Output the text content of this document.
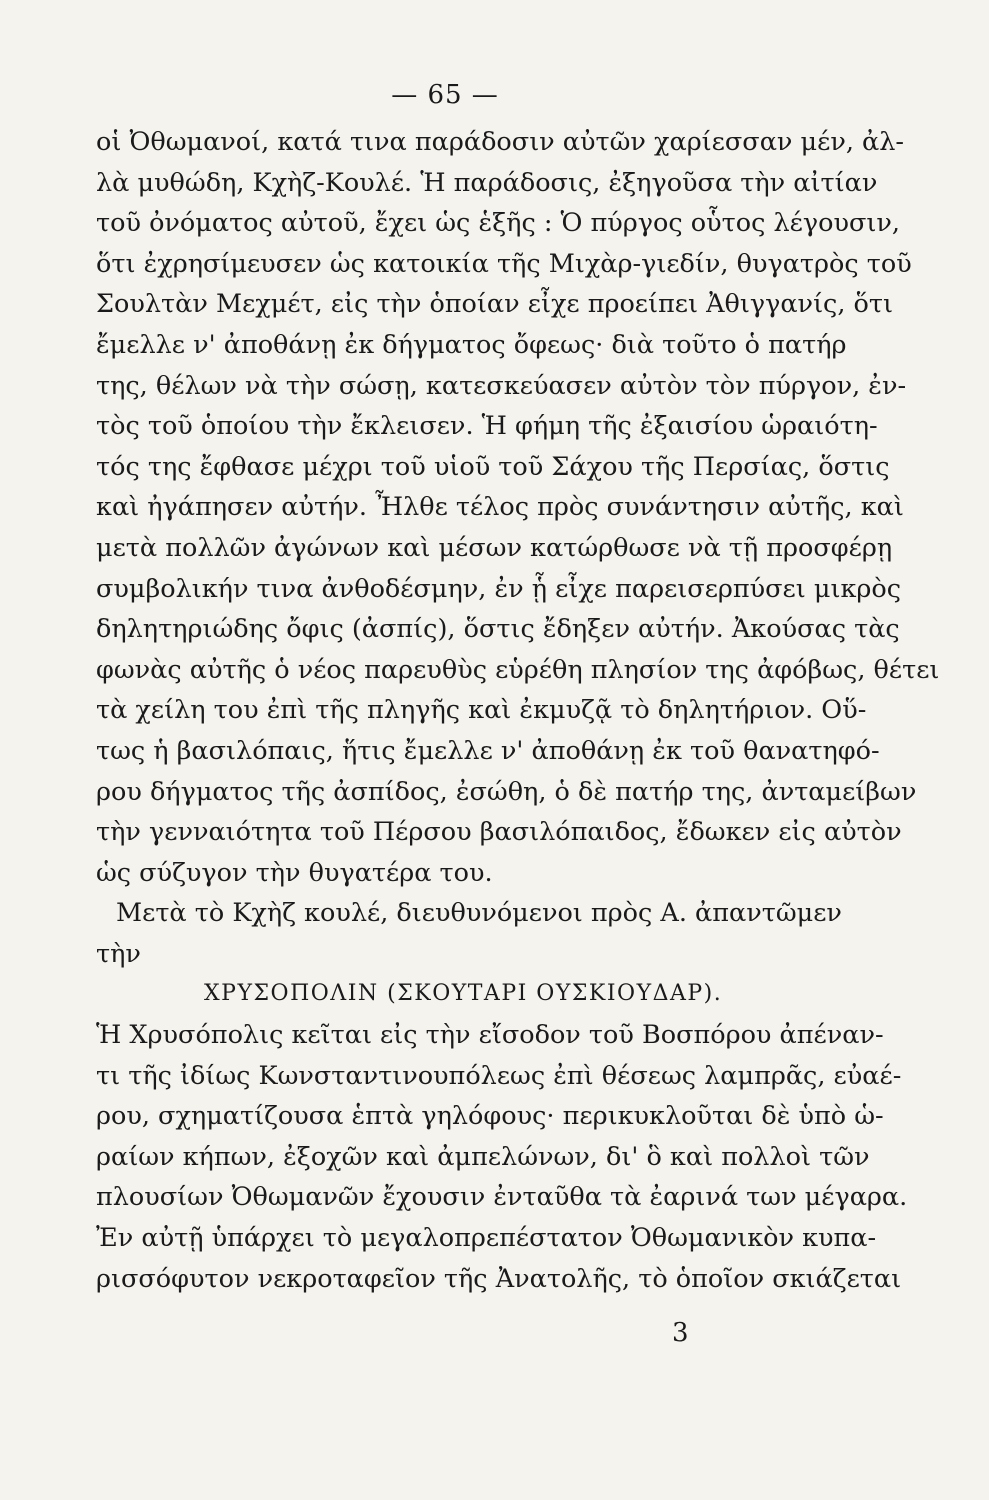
— 65 —
οἱ Ὀθωμανοί, κατά τινα παράδοσιν αὐτῶν χαρίεσσαν μέν, ἀλ-
λὰ μυθώδη, Κχὴζ-Κουλέ. Ἡ παράδοσις, ἐξηγοῦσα τὴν αἰτίαν
τοῦ ὀνόματος αὐτοῦ, ἔχει ὡς ἑξῆς : Ὁ πύργος οὗτος λέγουσιν,
ὅτι ἐχρησίμευσεν ὡς κατοικία τῆς Μιχὰρ-γιεδίν, θυγατρὸς τοῦ
Σουλτὰν Μεχμέτ, εἰς τὴν ὁποίαν εἶχε προείπει Ἀθιγγανίς, ὅτι
ἔμελλε ν' ἀποθάνῃ ἐκ δήγματος ὄφεως· διὰ τοῦτο ὁ πατήρ
της, θέλων νὰ τὴν σώσῃ, κατεσκεύασεν αὐτὸν τὸν πύργον, ἐν-
τὸς τοῦ ὁποίου τὴν ἔκλεισεν. Ἡ φήμη τῆς ἐξαισίου ὡραιότη-
τός της ἔφθασε μέχρι τοῦ υἱοῦ τοῦ Σάχου τῆς Περσίας, ὅστις
καὶ ἠγάπησεν αὐτήν. Ἦλθε τέλος πρὸς συνάντησιν αὐτῆς, καὶ
μετὰ πολλῶν ἀγώνων καὶ μέσων κατώρθωσε νὰ τῇ προσφέρῃ
συμβολικήν τινα ἀνθοδέσμην, ἐν ᾗ εἶχε παρεισερπύσει μικρὸς
δηλητηριώδης ὄφις (ἀσπίς), ὅστις ἔδηξεν αὐτήν. Ἀκούσας τὰς
φωνὰς αὐτῆς ὁ νέος παρευθὺς εὑρέθη πλησίον της ἀφόβως, θέτει
τὰ χείλη του ἐπὶ τῆς πληγῆς καὶ ἐκμυζᾷ τὸ δηλητήριον. Οὕ-
τως ἡ βασιλόπαις, ἥτις ἔμελλε ν' ἀποθάνῃ ἐκ τοῦ θανατηφό-
ρου δήγματος τῆς ἀσπίδος, ἐσώθη, ὁ δὲ πατήρ της, ἀνταμείβων
τὴν γενναιότητα τοῦ Πέρσου βασιλόπαιδος, ἔδωκεν εἰς αὐτὸν
ὡς σύζυγον τὴν θυγατέρα του.
Μετὰ τὸ Κχὴζ κουλέ, διευθυνόμενοι πρὸς Α. ἀπαντῶμεν
τὴν
ΧΡΥΣΟΠΟΛΙΝ (ΣΚΟΥΤΑΡΙ ΟΥΣΚΙΟΥΔΑΡ).
Ἡ Χρυσόπολις κεῖται εἰς τὴν εἴσοδον τοῦ Βοσπόρου ἀπέναν-
τι τῆς ἰδίως Κωνσταντινουπόλεως ἐπὶ θέσεως λαμπρᾶς, εὐαέ-
ρου, σχηματίζουσα ἑπτὰ γηλόφους· περικυκλοῦται δὲ ὑπὸ ὡ-
ραίων κήπων, ἐξοχῶν καὶ ἀμπελώνων, δι' ὃ καὶ πολλοὶ τῶν
πλουσίων Ὀθωμανῶν ἔχουσιν ἐνταῦθα τὰ ἐαρινά των μέγαρα.
Ἐν αὐτῇ ὑπάρχει τὸ μεγαλοπρεπέστατον Ὀθωμανικὸν κυπα-
ρισσόφυτον νεκροταφεῖον τῆς Ἀνατολῆς, τὸ ὁποῖον σκιάζεται
3
